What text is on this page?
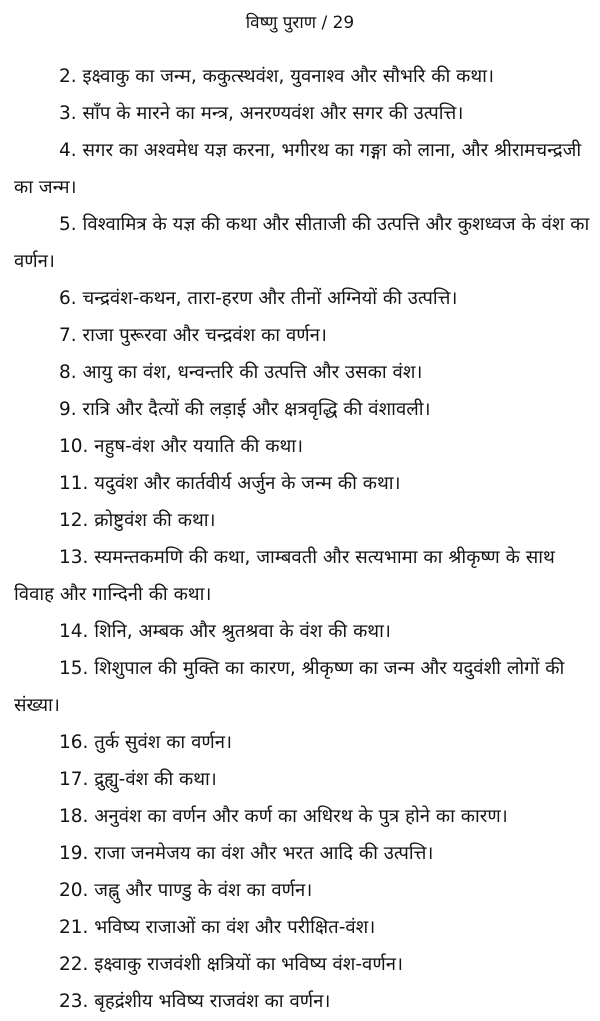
विष्णु पुराण / 29

2. इक्ष्वाकु का जन्म, ककुत्स्थवंश, युवनाश्व और सौभरि की कथा।

3. साँप के मारने का मन्त्र, अनरण्यवंश और सगर की उत्पत्ति।

4. सगर का अश्वमेध यज्ञ करना, भगीरथ का गङ्गा को लाना, और श्रीरामचन्द्रजी का जन्म।

5. विश्वामित्र के यज्ञ की कथा और सीताजी की उत्पत्ति और कुशध्वज के वंश का वर्णन।

6. चन्द्रवंश-कथन, तारा-हरण और तीनों अग्नियों की उत्पत्ति।

7. राजा पुरूरवा और चन्द्रवंश का वर्णन।

8. आयु का वंश, धन्वन्तरि की उत्पत्ति और उसका वंश।

9. रात्रि और दैत्यों की लड़ाई और क्षत्रवृद्धि की वंशावली।

10. नहुष-वंश और ययाति की कथा।

11. यदुवंश और कार्तवीर्य अर्जुन के जन्म की कथा।

12. क्रोष्टुवंश की कथा।

13. स्यमन्तकमणि की कथा, जाम्बवती और सत्यभामा का श्रीकृष्ण के साथ विवाह और गान्दिनी की कथा।

14. शिनि, अम्बक और श्रुतश्रवा के वंश की कथा।

15. शिशुपाल की मुक्ति का कारण, श्रीकृष्ण का जन्म और यदुवंशी लोगों की संख्या।

16. तुर्क सुवंश का वर्णन।

17. द्रुह्यु-वंश की कथा।

18. अनुवंश का वर्णन और कर्ण का अधिरथ के पुत्र होने का कारण।

19. राजा जनमेजय का वंश और भरत आदि की उत्पत्ति।

20. जह्नु और पाण्डु के वंश का वर्णन।

21. भविष्य राजाओं का वंश और परीक्षित-वंश।

22. इक्ष्वाकु राजवंशी क्षत्रियों का भविष्य वंश-वर्णन।

23. बृहद्रंशीय भविष्य राजवंश का वर्णन।
